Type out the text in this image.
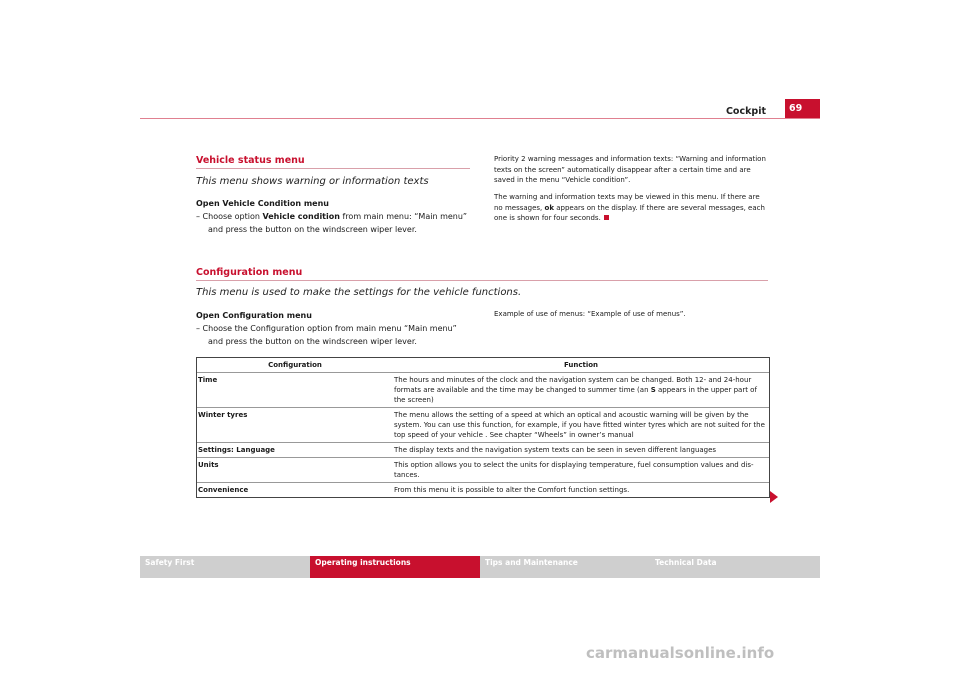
Cockpit	69
Vehicle status menu
This menu shows warning or information texts
Open Vehicle Condition menu
– Choose option Vehicle condition from main menu: “Main menu”
and press the button on the windscreen wiper lever.
Priority 2 warning messages and information texts: “Warning and information texts on the screen” automatically disappear after a certain time and are saved in the menu “Vehicle condition”.
The warning and information texts may be viewed in this menu. If there are no messages, ok appears on the display. If there are several messages, each one is shown for four seconds.
Configuration menu
This menu is used to make the settings for the vehicle functions.
Open Configuration menu
– Choose the Configuration option from main menu “Main menu”
and press the button on the windscreen wiper lever.
Example of use of menus: “Example of use of menus”.
Configuration	Function
Time	The hours and minutes of the clock and the navigation system can be changed. Both 12- and 24-hour formats are available and the time may be changed to summer time (an S appears in the upper part of the screen)
Winter tyres	The menu allows the setting of a speed at which an optical and acoustic warning will be given by the system. You can use this function, for example, if you have fitted winter tyres which are not suited for the top speed of your vehicle . See chapter “Wheels” in owner’s manual
Settings: Language	The display texts and the navigation system texts can be seen in seven different languages
Units	This option allows you to select the units for displaying temperature, fuel consumption values and dis-tances.
Convenience	From this menu it is possible to alter the Comfort function settings.
Safety First	Operating instructions	Tips and Maintenance	Technical Data
carmanualsonline.info
